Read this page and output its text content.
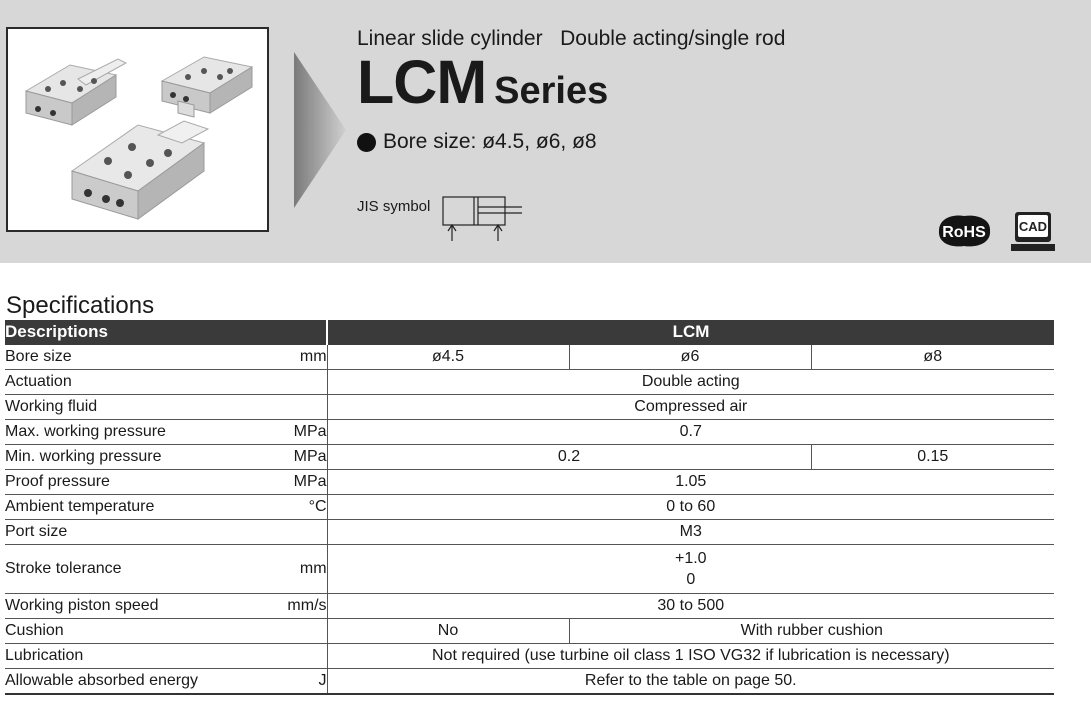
Linear slide cylinder   Double acting/single rod
LCM Series
Bore size: ø4.5, ø6, ø8
JIS symbol
RoHS	CAD
Specifications
Descriptions		LCM		
Bore size	mm	ø4.5	ø6	ø8
Actuation		Double acting		
Working fluid		Compressed air		
Max. working pressure	MPa	0.7		
Min. working pressure	MPa	0.2		0.15
Proof pressure	MPa	1.05		
Ambient temperature	°C	0 to 60		
Port size		M3		
Stroke tolerance	mm	+1.0
0		

Working piston speed	mm/s	30 to 500		
Cushion		No	With rubber cushion	
Lubrication		Not required (use turbine oil class 1 ISO VG32 if lubrication is necessary)		
Allowable absorbed energy	J	Refer to the table on page 50.		
